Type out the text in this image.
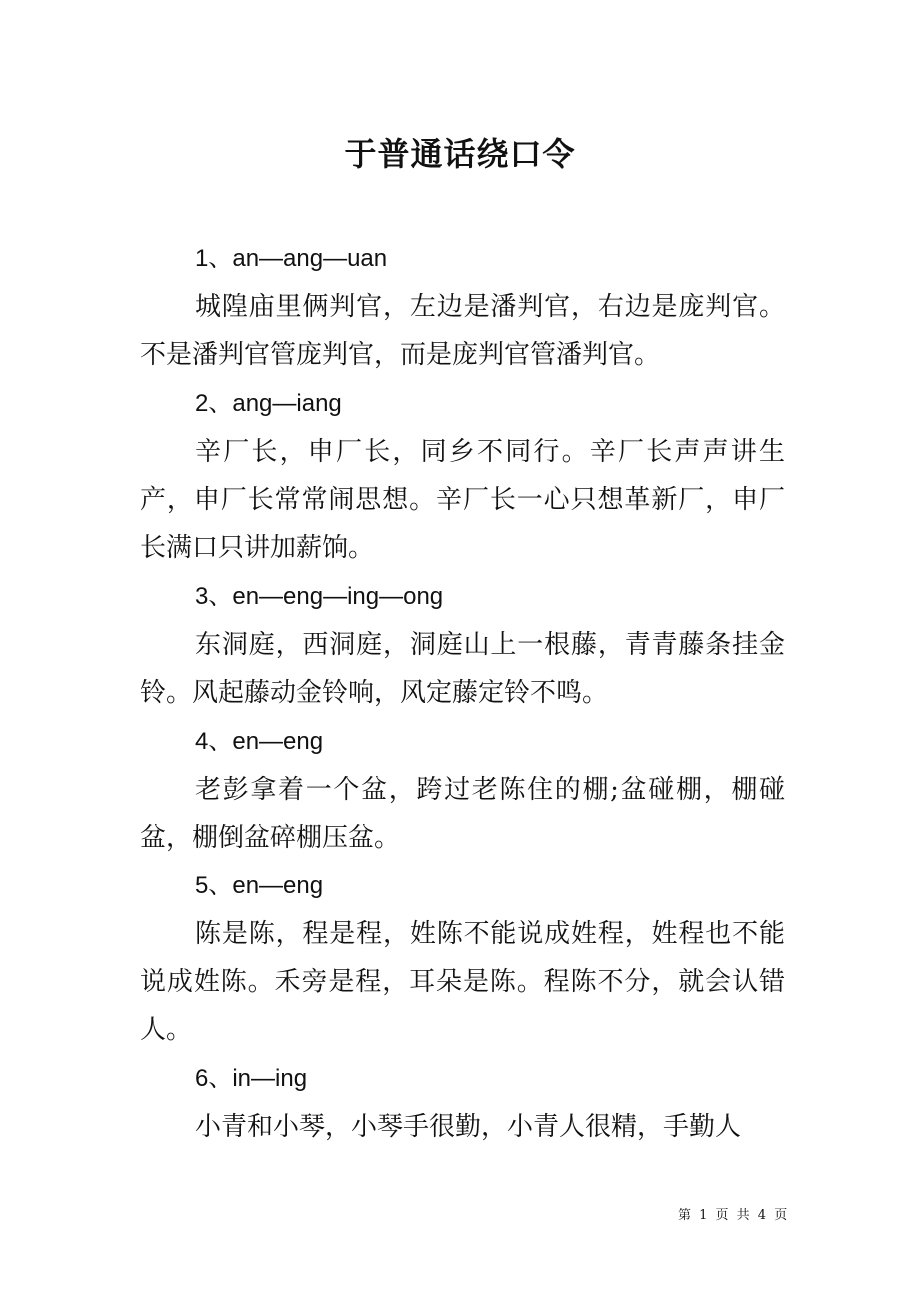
于普通话绕口令
1、an—ang—uan
城隍庙里俩判官，左边是潘判官，右边是庞判官。不是潘判官管庞判官，而是庞判官管潘判官。
2、ang—iang
辛厂长，申厂长，同乡不同行。辛厂长声声讲生产，申厂长常常闹思想。辛厂长一心只想革新厂，申厂长满口只讲加薪饷。
3、en—eng—ing—ong
东洞庭，西洞庭，洞庭山上一根藤，青青藤条挂金铃。风起藤动金铃响，风定藤定铃不鸣。
4、en—eng
老彭拿着一个盆，跨过老陈住的棚;盆碰棚，棚碰盆，棚倒盆碎棚压盆。
5、en—eng
陈是陈，程是程，姓陈不能说成姓程，姓程也不能说成姓陈。禾旁是程，耳朵是陈。程陈不分，就会认错人。
6、in—ing
小青和小琴，小琴手很勤，小青人很精，手勤人
第 1 页 共 4 页
